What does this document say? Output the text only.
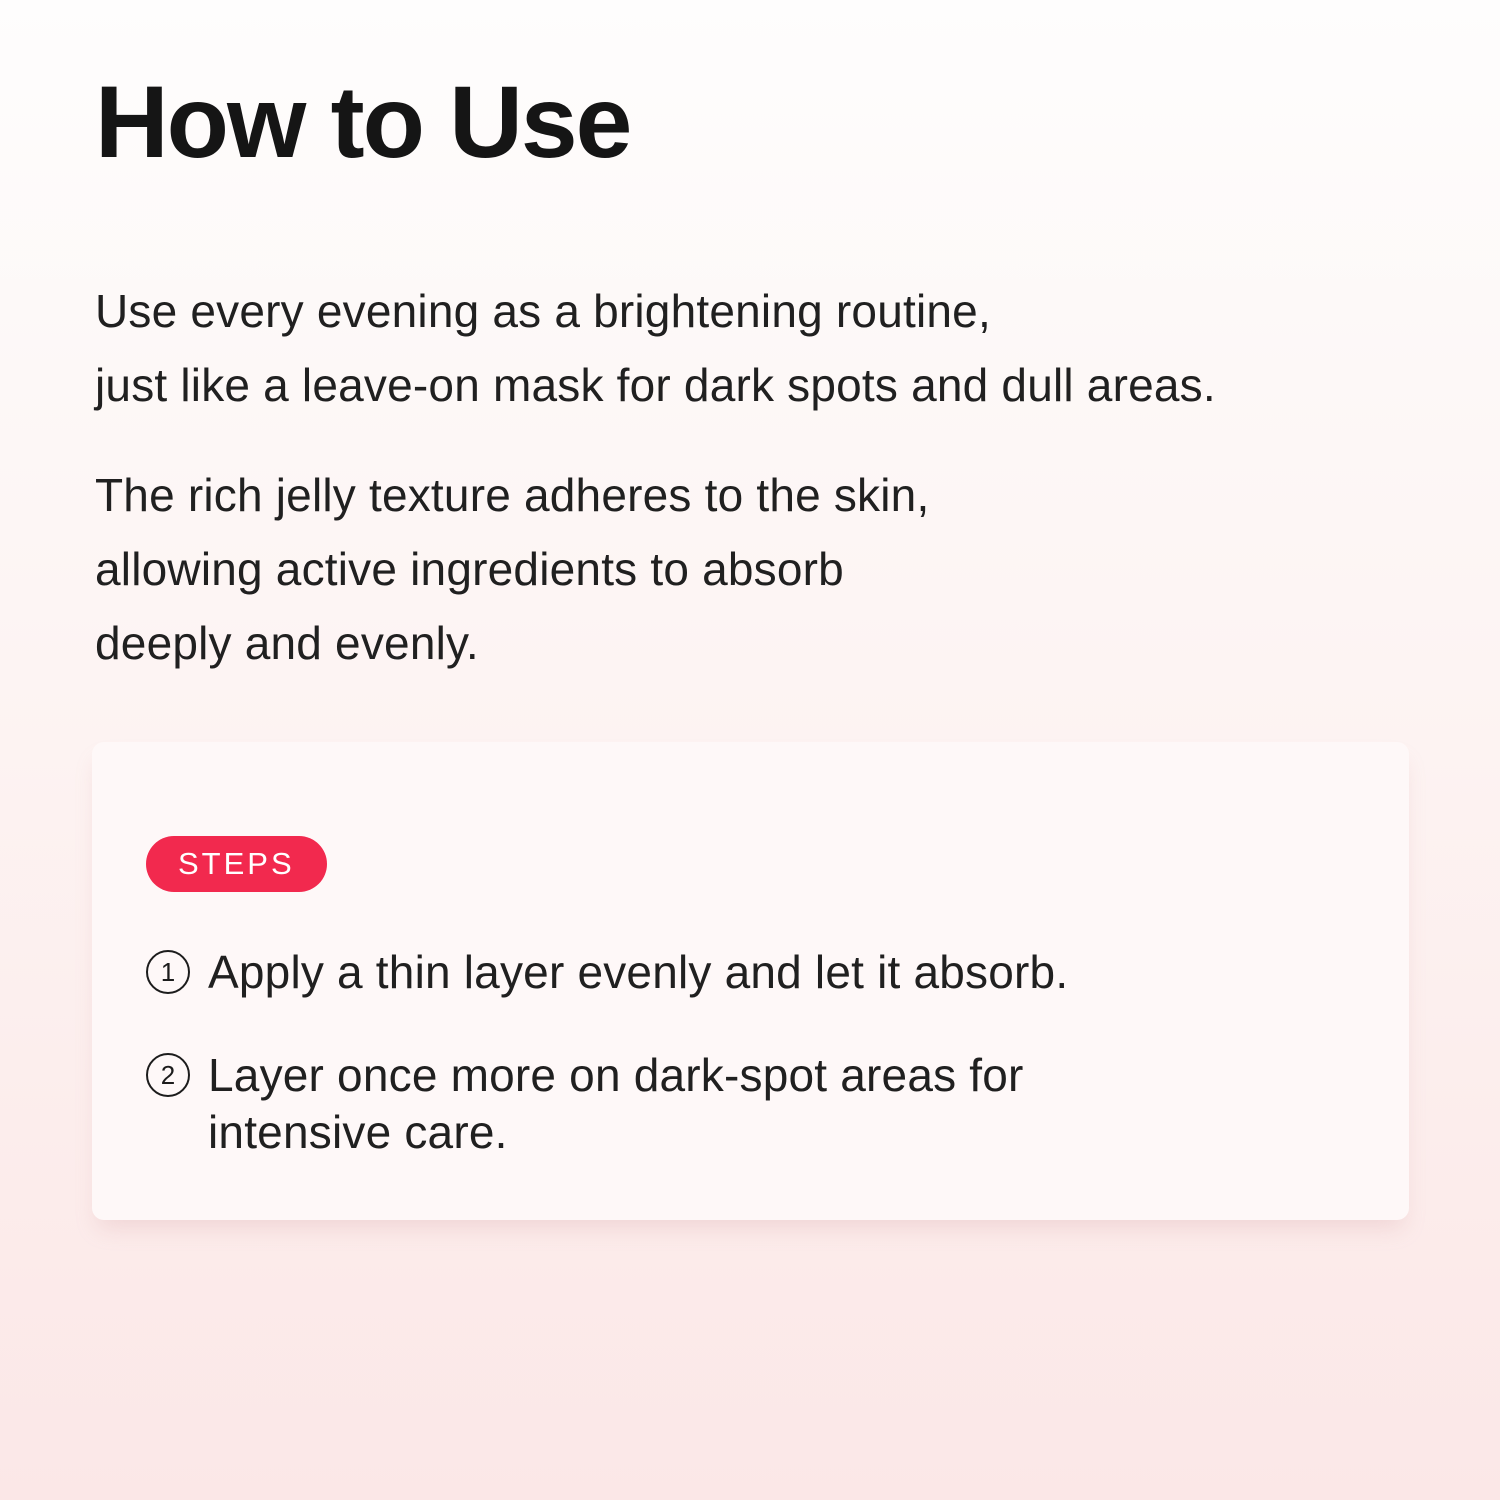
How to Use
Use every evening as a brightening routine,
just like a leave-on mask for dark spots and dull areas.
The rich jelly texture adheres to the skin,
allowing active ingredients to absorb
deeply and evenly.
STEPS
1 Apply a thin layer evenly and let it absorb.
2 Layer once more on dark-spot areas for
intensive care.
